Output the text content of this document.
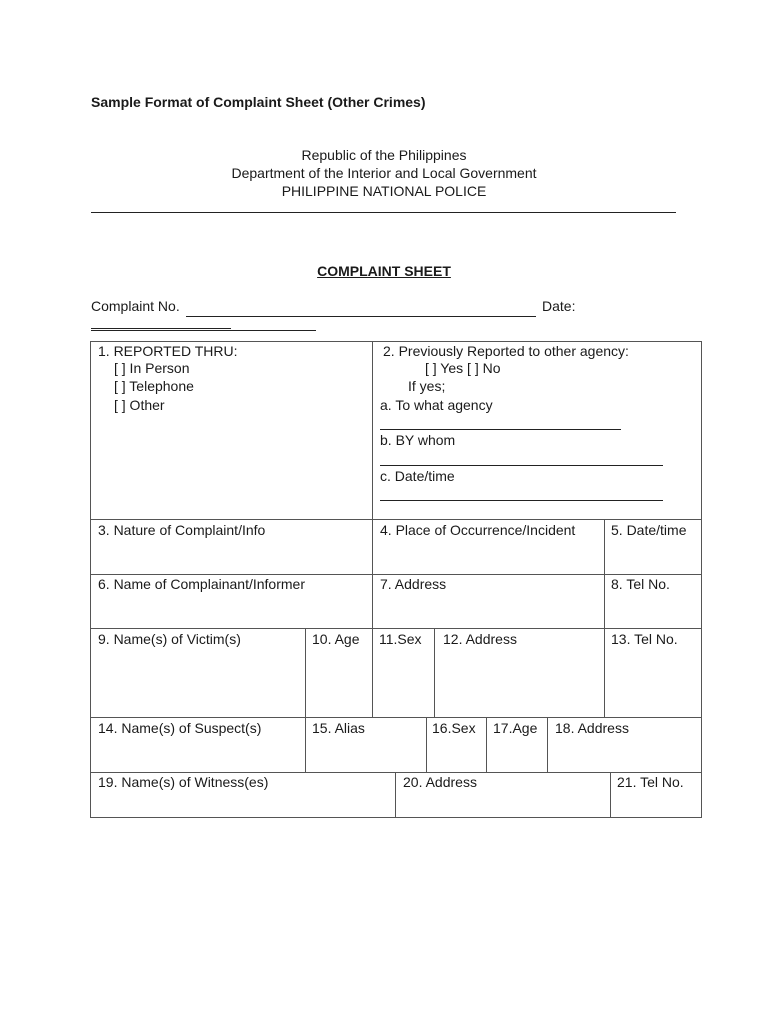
Sample Format of Complaint Sheet (Other Crimes)
Republic of the Philippines
Department of the Interior and Local Government
PHILIPPINE NATIONAL POLICE
COMPLAINT SHEET
Complaint No.	Date:
1. REPORTED THRU:
[ ] In Person
[ ] Telephone
[ ] Other
2. Previously Reported to other agency:
[ ] Yes [ ] No
If yes;
a. To what agency
b. BY whom
c. Date/time
3. Nature of Complaint/Info	4. Place of Occurrence/Incident	5. Date/time
6. Name of Complainant/Informer	7. Address	8. Tel No.
9. Name(s) of Victim(s)	10. Age 11.Sex 12. Address	13. Tel No.
14. Name(s) of Suspect(s)	15. Alias	16.Sex 17.Age 18. Address
19. Name(s) of Witness(es)	20. Address	21. Tel No.
